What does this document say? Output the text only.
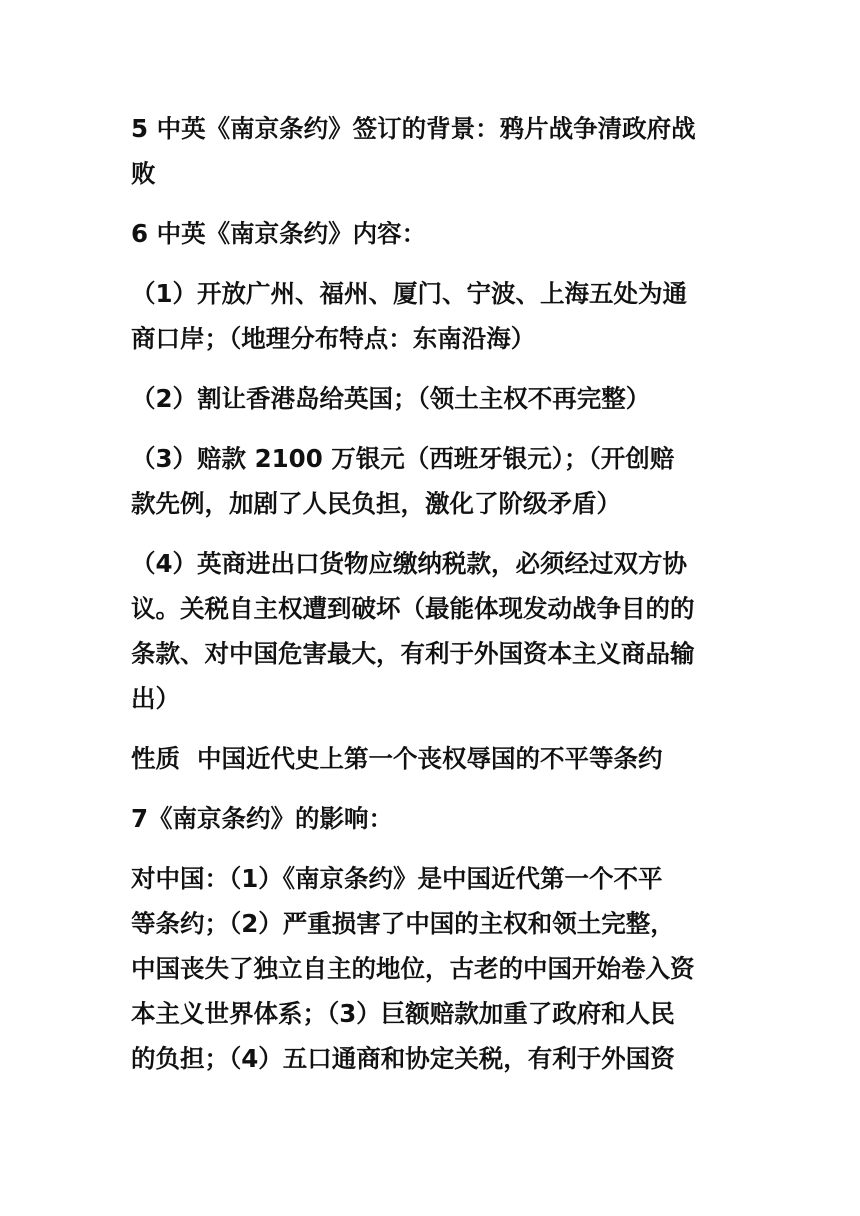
5 中英《南京条约》签订的背景：鸦片战争清政府战
败

6 中英《南京条约》内容：

（1）开放广州、福州、厦门、宁波、上海五处为通
商口岸；（地理分布特点：东南沿海）

（2）割让香港岛给英国；（领土主权不再完整）

（3）赔款 2100 万银元（西班牙银元）；（开创赔
款先例，加剧了人民负担，激化了阶级矛盾）

（4）英商进出口货物应缴纳税款，必须经过双方协
议。关税自主权遭到破坏（最能体现发动战争目的的
条款、对中国危害最大，有利于外国资本主义商品输
出）

性质  中国近代史上第一个丧权辱国的不平等条约

7《南京条约》的影响：

对中国：（1）《南京条约》是中国近代第一个不平
等条约；（2）严重损害了中国的主权和领土完整，
中国丧失了独立自主的地位，古老的中国开始卷入资
本主义世界体系；（3）巨额赔款加重了政府和人民
的负担；（4）五口通商和协定关税，有利于外国资
